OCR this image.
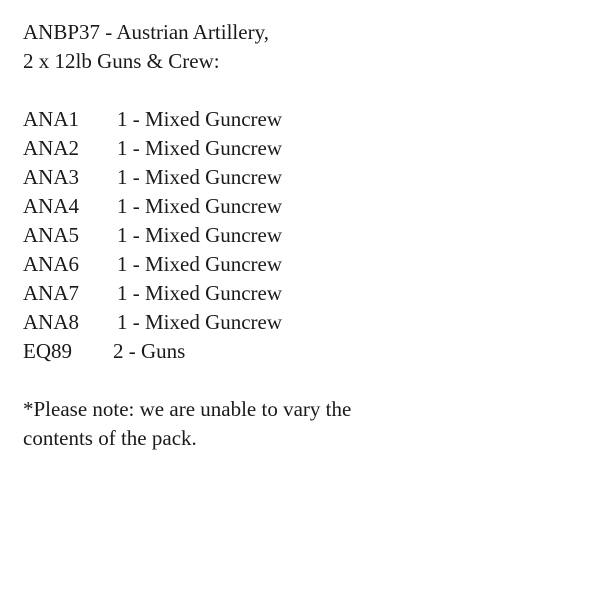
ANBP37 - Austrian Artillery,
2 x 12lb Guns & Crew:
ANA1	1 - Mixed Guncrew
ANA2	1 - Mixed Guncrew
ANA3	1 - Mixed Guncrew
ANA4	1 - Mixed Guncrew
ANA5	1 - Mixed Guncrew
ANA6	1 - Mixed Guncrew
ANA7	1 - Mixed Guncrew
ANA8	1 - Mixed Guncrew
EQ89	2 - Guns
*Please note: we are unable to vary the
contents of the pack.
